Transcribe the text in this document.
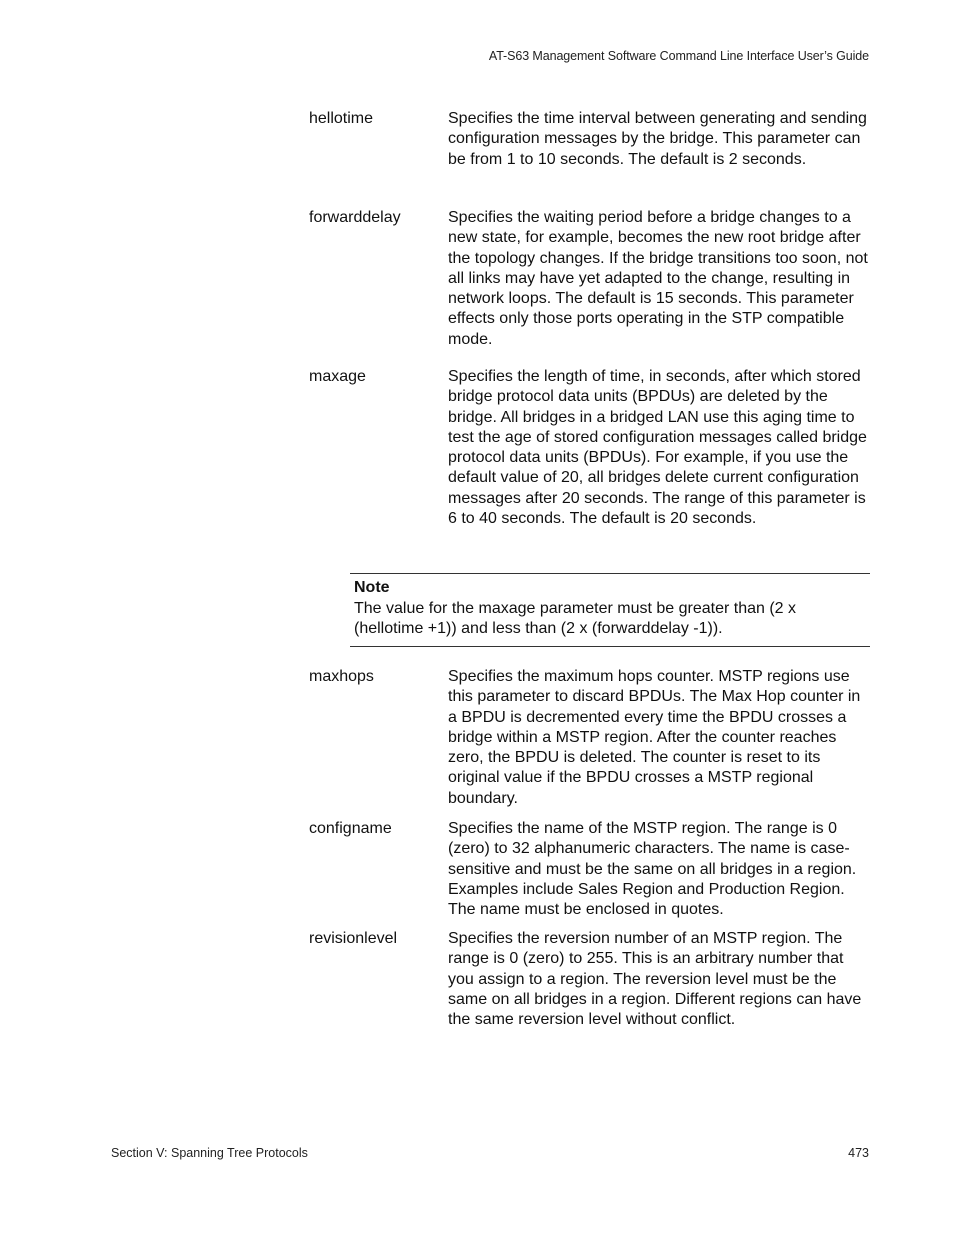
AT-S63 Management Software Command Line Interface User’s Guide
hellotime	Specifies the time interval between generating and sending configuration messages by the bridge. This parameter can be from 1 to 10 seconds. The default is 2 seconds.
forwarddelay	Specifies the waiting period before a bridge changes to a new state, for example, becomes the new root bridge after the topology changes. If the bridge transitions too soon, not all links may have yet adapted to the change, resulting in network loops. The default is 15 seconds. This parameter effects only those ports operating in the STP compatible mode.
maxage	Specifies the length of time, in seconds, after which stored bridge protocol data units (BPDUs) are deleted by the bridge. All bridges in a bridged LAN use this aging time to test the age of stored configuration messages called bridge protocol data units (BPDUs). For example, if you use the default value of 20, all bridges delete current configuration messages after 20 seconds. The range of this parameter is 6 to 40 seconds. The default is 20 seconds.
Note
The value for the maxage parameter must be greater than (2 x (hellotime +1)) and less than (2 x (forwarddelay -1)).
maxhops	Specifies the maximum hops counter. MSTP regions use this parameter to discard BPDUs. The Max Hop counter in a BPDU is decremented every time the BPDU crosses a bridge within a MSTP region. After the counter reaches zero, the BPDU is deleted. The counter is reset to its original value if the BPDU crosses a MSTP regional boundary.
configname	Specifies the name of the MSTP region. The range is 0 (zero) to 32 alphanumeric characters. The name is case-sensitive and must be the same on all bridges in a region. Examples include Sales Region and Production Region. The name must be enclosed in quotes.
revisionlevel	Specifies the reversion number of an MSTP region. The range is 0 (zero) to 255. This is an arbitrary number that you assign to a region. The reversion level must be the same on all bridges in a region. Different regions can have the same reversion level without conflict.
Section V: Spanning Tree Protocols	473
